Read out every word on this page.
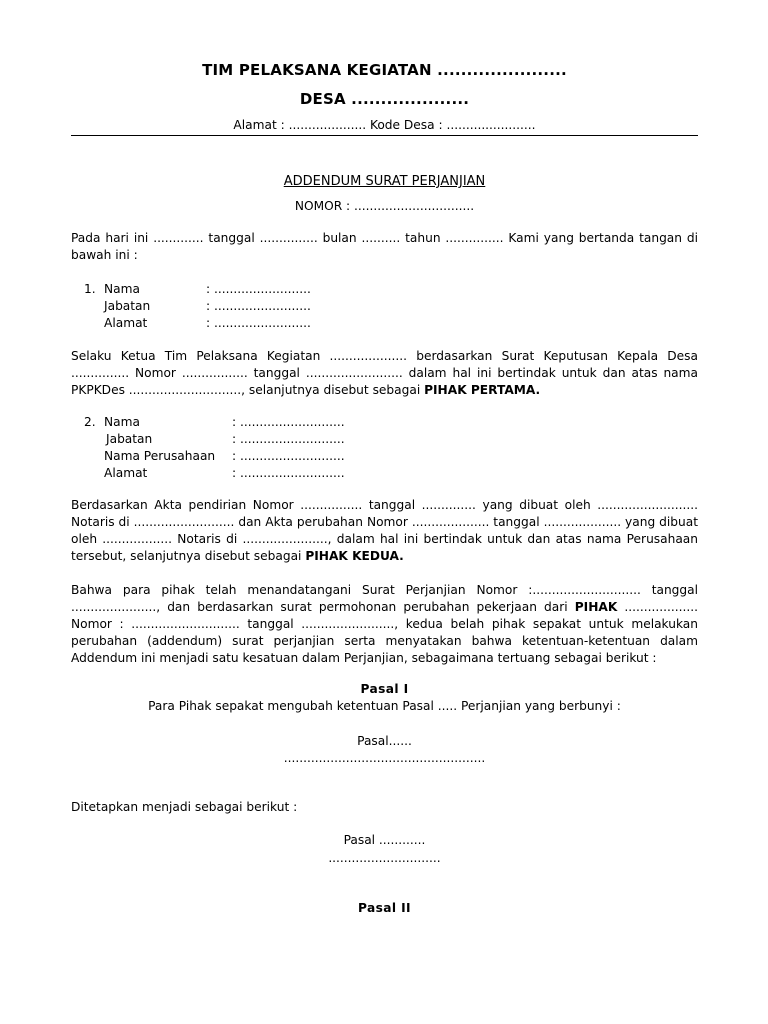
TIM PELAKSANA KEGIATAN ......................
DESA ....................
Alamat : .................... Kode Desa : .......................
ADDENDUM SURAT PERJANJIAN
NOMOR : ...............................
Pada hari ini ............. tanggal ............... bulan .......... tahun ............... Kami yang bertanda tangan di bawah ini :
1. Nama	: .........................
Jabatan	: .........................
Alamat	: .........................
Selaku Ketua Tim Pelaksana Kegiatan .................... berdasarkan Surat Keputusan Kepala Desa ............... Nomor ................. tanggal ......................... dalam hal ini bertindak untuk dan atas nama PKPKDes ............................., selanjutnya disebut sebagai PIHAK PERTAMA.
2. Nama	: ...........................
Jabatan	: ...........................
Nama Perusahaan	: ...........................
Alamat	: ...........................
Berdasarkan Akta pendirian Nomor ................ tanggal .............. yang dibuat oleh .......................... Notaris di .......................... dan Akta perubahan Nomor .................... tanggal .................... yang dibuat oleh .................. Notaris di ......................, dalam hal ini bertindak untuk dan atas nama Perusahaan tersebut, selanjutnya disebut sebagai PIHAK KEDUA.
Bahwa para pihak telah menandatangani Surat Perjanjian Nomor :............................ tanggal ......................, dan berdasarkan surat permohonan perubahan pekerjaan dari PIHAK ................... Nomor : ............................ tanggal ........................, kedua belah pihak sepakat untuk melakukan perubahan (addendum) surat perjanjian serta menyatakan bahwa ketentuan-ketentuan dalam Addendum ini menjadi satu kesatuan dalam Perjanjian, sebagaimana tertuang sebagai berikut :
Pasal I
Para Pihak sepakat mengubah ketentuan Pasal ..... Perjanjian yang berbunyi :
Pasal......
....................................................
Ditetapkan menjadi sebagai berikut :
Pasal ............
.............................
Pasal II
